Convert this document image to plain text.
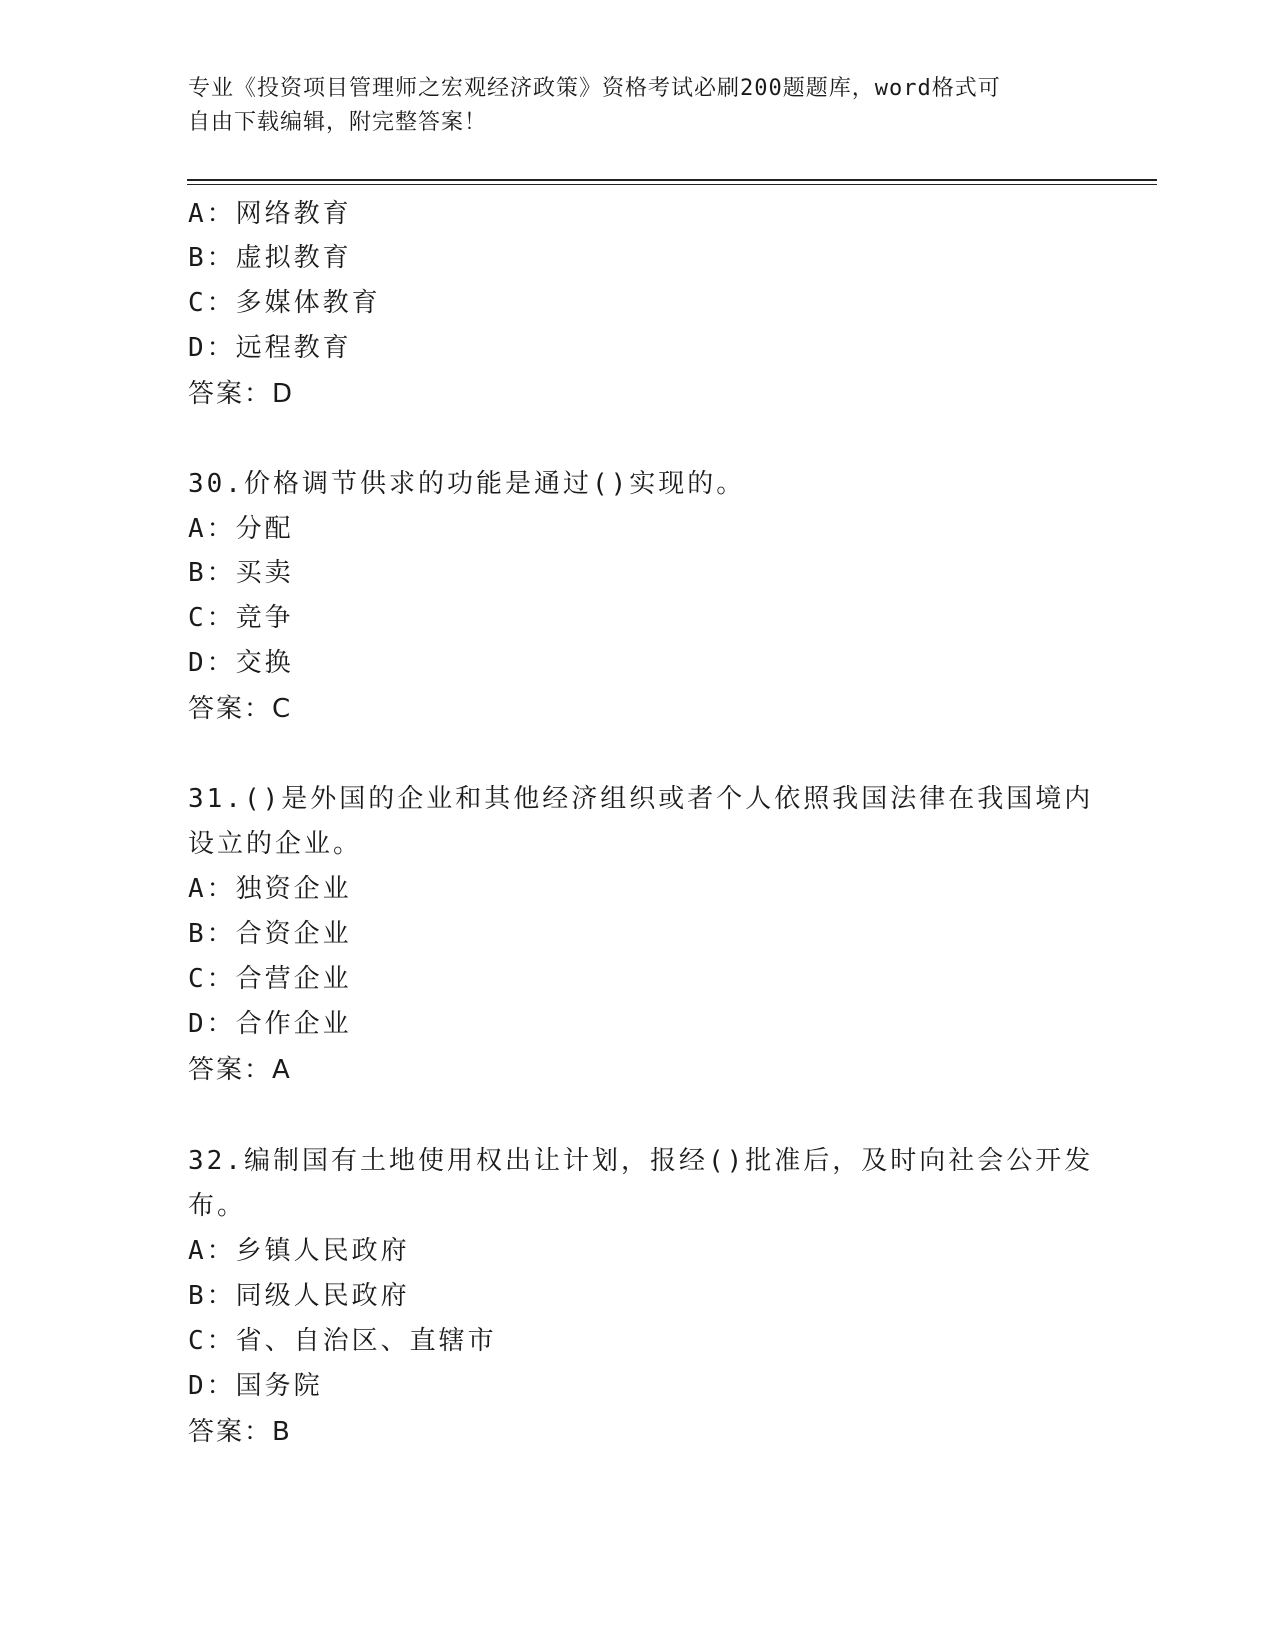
专业《投资项目管理师之宏观经济政策》资格考试必刷200题题库，word格式可
自由下载编辑，附完整答案！
A：网络教育
B：虚拟教育
C：多媒体教育
D：远程教育
答案：D
30.价格调节供求的功能是通过()实现的。
A：分配
B：买卖
C：竞争
D：交换
答案：C
31.()是外国的企业和其他经济组织或者个人依照我国法律在我国境内
设立的企业。
A：独资企业
B：合资企业
C：合营企业
D：合作企业
答案：A
32.编制国有土地使用权出让计划，报经()批准后，及时向社会公开发
布。
A：乡镇人民政府
B：同级人民政府
C：省、自治区、直辖市
D：国务院
答案：B
